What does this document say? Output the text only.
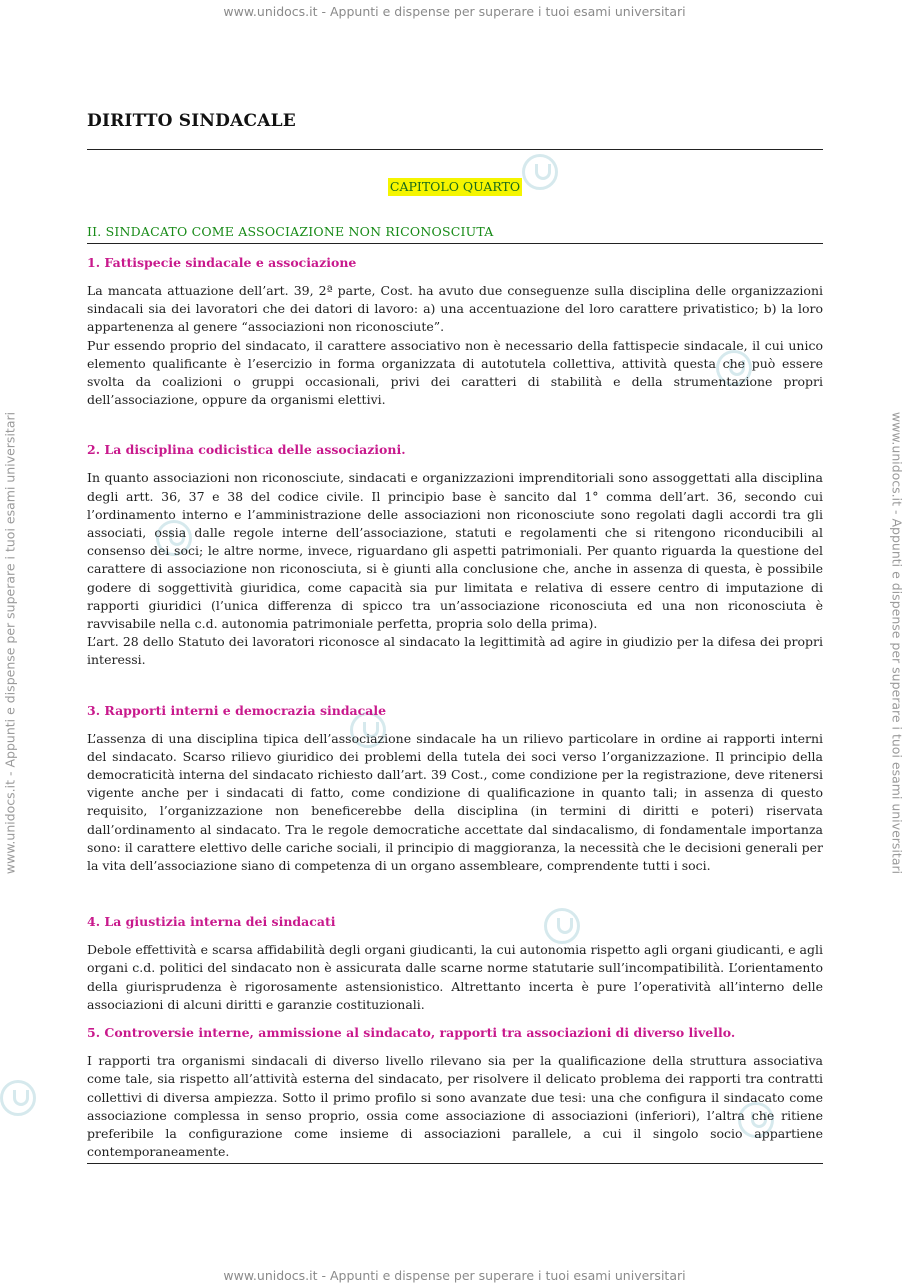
www.unidocs.it - Appunti e dispense per superare i tuoi esami universitari
www.unidocs.it - Appunti e dispense per superare i tuoi esami universitari
www.unidocs.it - Appunti e dispense per superare i tuoi esami universitari	www.unidocs.it - Appunti e dispense per superare i tuoi esami universitari
DIRITTO SINDACALE
CAPITOLO QUARTO
II. SINDACATO COME ASSOCIAZIONE NON RICONOSCIUTA
1. Fattispecie sindacale e associazione

La mancata attuazione dell’art. 39, 2ª parte, Cost. ha avuto due conseguenze sulla disciplina delle organizzazioni sindacali sia dei lavoratori che dei datori di lavoro: a) una accentuazione del loro carattere privatistico; b) la loro appartenenza al genere “associazioni non riconosciute”.

Pur essendo proprio del sindacato, il carattere associativo non è necessario della fattispecie sindacale, il cui unico elemento qualificante è l’esercizio in forma organizzata di autotutela collettiva, attività questa che può essere svolta da coalizioni o gruppi occasionali, privi dei caratteri di stabilità e della strumentazione propri dell’associazione, oppure da organismi elettivi.

2. La disciplina codicistica delle associazioni.

In quanto associazioni non riconosciute, sindacati e organizzazioni imprenditoriali sono assoggettati alla disciplina degli artt. 36, 37 e 38 del codice civile. Il principio base è sancito dal 1° comma dell’art. 36, secondo cui l’ordinamento interno e l’amministrazione delle associazioni non riconosciute sono regolati dagli accordi tra gli associati, ossia dalle regole interne dell’associazione, statuti e regolamenti che si ritengono riconducibili al consenso dei soci; le altre norme, invece, riguardano gli aspetti patrimoniali. Per quanto riguarda la questione del carattere di associazione non riconosciuta, si è giunti alla conclusione che, anche in assenza di questa, è possibile godere di soggettività giuridica, come capacità sia pur limitata e relativa di essere centro di imputazione di rapporti giuridici (l’unica differenza di spicco tra un’associazione riconosciuta ed una non riconosciuta è ravvisabile nella c.d. autonomia patrimoniale perfetta, propria solo della prima).

L’art. 28 dello Statuto dei lavoratori riconosce al sindacato la legittimità ad agire in giudizio per la difesa dei propri interessi.

3. Rapporti interni e democrazia sindacale

L’assenza di una disciplina tipica dell’associazione sindacale ha un rilievo particolare in ordine ai rapporti interni del sindacato. Scarso rilievo giuridico dei problemi della tutela dei soci verso l’organizzazione. Il principio della democraticità interna del sindacato richiesto dall’art. 39 Cost., come condizione per la registrazione, deve ritenersi vigente anche per i sindacati di fatto, come condizione di qualificazione in quanto tali; in assenza di questo requisito, l’organizzazione non beneficerebbe della disciplina (in termini di diritti e poteri) riservata dall’ordinamento al sindacato. Tra le regole democratiche accettate dal sindacalismo, di fondamentale importanza sono: il carattere elettivo delle cariche sociali, il principio di maggioranza, la necessità che le decisioni generali per la vita dell’associazione siano di competenza di un organo assembleare, comprendente tutti i soci.

4. La giustizia interna dei sindacati

Debole effettività e scarsa affidabilità degli organi giudicanti, la cui autonomia rispetto agli organi giudicanti, e agli organi c.d. politici del sindacato non è assicurata dalle scarne norme statutarie sull’incompatibilità. L’orientamento della giurisprudenza è rigorosamente astensionistico. Altrettanto incerta è pure l’operatività all’interno delle associazioni di alcuni diritti e garanzie costituzionali.

5. Controversie interne, ammissione al sindacato, rapporti tra associazioni di diverso livello.

I rapporti tra organismi sindacali di diverso livello rilevano sia per la qualificazione della struttura associativa come tale, sia rispetto all’attività esterna del sindacato, per risolvere il delicato problema dei rapporti tra contratti collettivi di diversa ampiezza. Sotto il primo profilo si sono avanzate due tesi: una che configura il sindacato come associazione complessa in senso proprio, ossia come associazione di associazioni (inferiori), l’altra che ritiene preferibile la configurazione come insieme di associazioni parallele, a cui il singolo socio appartiene contemporaneamente.
